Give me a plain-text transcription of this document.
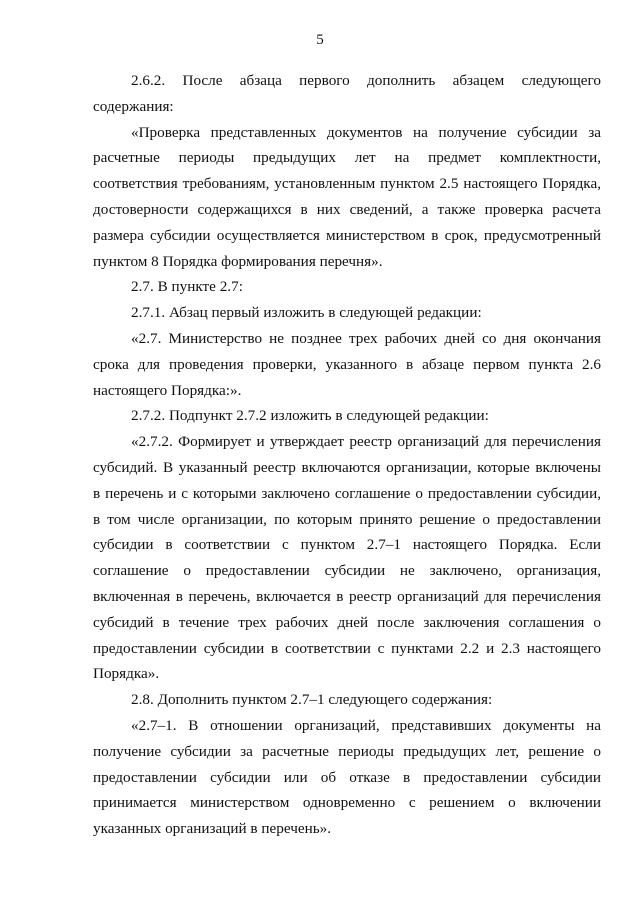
5
2.6.2. После абзаца первого дополнить абзацем следующего
содержания:
«Проверка представленных документов на получение субсидии за
расчетные периоды предыдущих лет на предмет комплектности,
соответствия требованиям, установленным пунктом 2.5 настоящего Порядка,
достоверности содержащихся в них сведений, а также проверка расчета
размера субсидии осуществляется министерством в срок, предусмотренный
пунктом 8 Порядка формирования перечня».
2.7. В пункте 2.7:
2.7.1. Абзац первый изложить в следующей редакции:
«2.7. Министерство не позднее трех рабочих дней со дня окончания
срока для проведения проверки, указанного в абзаце первом пункта 2.6
настоящего Порядка:».
2.7.2. Подпункт 2.7.2 изложить в следующей редакции:
«2.7.2. Формирует и утверждает реестр организаций для перечисления
субсидий. В указанный реестр включаются организации, которые включены
в перечень и с которыми заключено соглашение о предоставлении субсидии,
в том числе организации, по которым принято решение о предоставлении
субсидии в соответствии с пунктом 2.7–1 настоящего Порядка. Если
соглашение о предоставлении субсидии не заключено, организация,
включенная в перечень, включается в реестр организаций для перечисления
субсидий в течение трех рабочих дней после заключения соглашения о
предоставлении субсидии в соответствии с пунктами 2.2 и 2.3 настоящего
Порядка».
2.8. Дополнить пунктом 2.7–1 следующего содержания:
«2.7–1. В отношении организаций, представивших документы на
получение субсидии за расчетные периоды предыдущих лет, решение о
предоставлении субсидии или об отказе в предоставлении субсидии
принимается министерством одновременно с решением о включении
указанных организаций в перечень».
